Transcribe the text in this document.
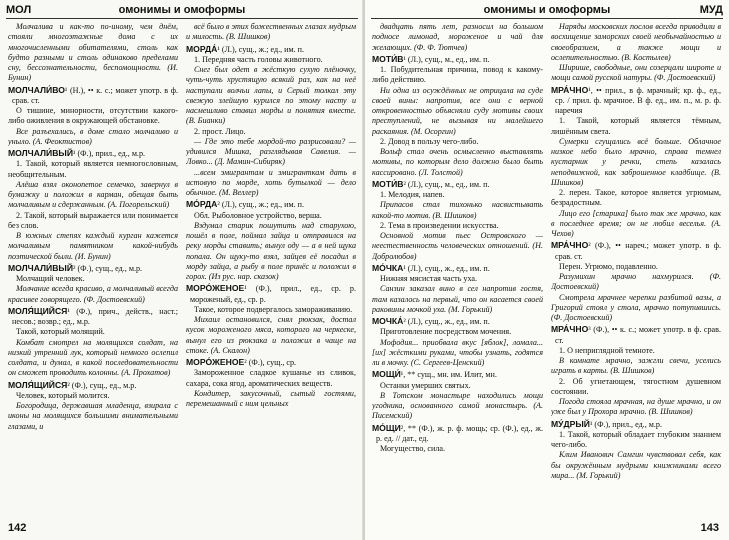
МОЛ	омонимы и омоформы

Молчалива и как-то по-иному, чем днём, стояли многоэтажные дома с их многочисленными обитателями, столь как будто разными и столь одинаково пределами сну, бессознательности, беспомощности. (И. Бунин)

МОЛЧАЛИ́ВО¹ (Н.), •• к. с.; может употр. в ф. срав. ст.

О тишине, минорности, отсутствии какого-либо оживления в окружающей обстановке.

Все разъехались, в доме стало молчаливо и уныло. (А. Феоктистов)

МОЛЧАЛИ́ВЫЙ¹ (Ф.), прил., ед., м.р.

1. Такой, который является немногословным, необщительным.

Алёша взял оконопетое семечко, завернул в бумажку и положил в карман, обещая быть молчаливым и сдержанным. (А. Погорельский)

2. Такой, который выражается или понимается без слов.

В южных степях каждый курган кажется молчаливым памятником какой-нибудь поэтической были. (И. Бунин)

МОЛЧАЛИ́ВЫЙ² (Ф.), сущ., ед., м.р.

Молчащий человек.

Молчание всегда красиво, а молчаливый всегда красивее говорящего. (Ф. Достоевский)

МОЛЯ́ЩИЙСЯ¹ (Ф.), прич., действ., наст.; несов.; возвр.; ед., м.р.

Такой, который молящий.

Комбат смотрел на молящихся солдат, на низкий утренний лук, который немного ослепил солдата, и думал, в какой последовательности он сможет проводить колонны. (А. Прохатов)

МОЛЯ́ЩИЙСЯ² (Ф.), сущ., ед., м.р.

Человек, который молится.

Богородица, державшая младенца, взирала с иконы на молящихся большими внимательными глазами, и

всё было в этих божественных глазах мудрым и милость. (В. Шишков)

МОРДА́¹ (Л.), сущ., ж.; ед., им. п.

1. Передняя часть головы животного.

Снег был одет в жёсткую сухую плёночку, чуть-чуть хрустящую всякий раз, как на неё наступали волчьи лапы, и Серый толкал эту свежую злейшую курился по этому насту и насмешливо ставил морды и понятия вместе. (В. Бианки)

2. прост. Лицо.

— Где это тебе мордой-то разрисовали? — удивился Мишка, разглядывая Савелия. — Ловко... (Д. Мамин-Сибиряк)

...всем эмигрантам и эмигранткам дать в истовую по морде, хоть бутылкой — дело обычное. (М. Веллер)

МО́РДА² (Л.), сущ., ж.; ед., им. п.

Обл. Рыболовное устройство, верша.

Вздумал старик пошутить над старухою, пошёл в поле, поймал зайца и отправился на реку морды ставить; вынул оду — а в ней щука попала. Он щуку-то взял, зайцев её посадил в морду зайца, а рыбу в поле принёс и положил в горох. (Из рус. нар. сказок)

МОРО́ЖЕНОЕ¹ (Ф.), прил., ед., ср. р. мороженый, ед., ср. р.

Такое, которое подвергалось замораживанию.

Михаил остановился, снял рюкзак, достал кусок мороженого мяса, которого на черкеске, вынул его из рюкзака и положил в чаще на стоке. (А. Скалон)

МОРО́ЖЕНОЕ² (Ф.), сущ., ср.

Замороженное сладкое кушанье из сливок, сахара, сока ягод, ароматических веществ.

Кондитер, закусочный, сытый гостями, перемешанный с ним цельных

142
омонимы и омоформы	МУД

двадцать пять лет, разносил на большом подносе лимонад, мороженое и чай для желающих. (Ф. Ф. Тютчев)

МОТИ́В¹ (Л.), сущ., м., ед., им. п.

1. Побудительная причина, повод к какому-либо действию.

Ни одна из осуждённых не отрицала на суде своей вины: напротив, все они с верной откровенностью объясняли суду мотивы своих преступлений, не вызывая ни малейшего раскаяния. (М. Осоргин)

2. Довод в пользу чего-либо.

Вольф стал очень осмысленно выставлять мотивы, по которым дело должно было быть кассировано. (Л. Толстой)

МОТИ́В² (Л.), сущ., м., ед., им. п.

1. Мелодия, напев.

Припасов стал тихонько насвистывать какой-то мотив. (В. Шишков)

2. Тема в произведении искусства.

Основной мотив пьес Островского — неестественность человеческих отношений. (Н. Добролюбов)

МО́ЧКА¹ (Л.), сущ., ж., ед., им. п.

Нижняя мясистая часть уха.

Санзин заказал вино в сел напротив гостя, там казалось на первый, что он касается своей раковины мочкой уха. (М. Горький)

МОЧКА́² (Л.), сущ., ж., ед., им. п.

Приготовление посредством мочения.

Мофодия... приобвала вкус [яблок], ломала... [их] жёсткими руками, чтобы узнать, годятся ли в мочку. (С. Сергеев-Ценский)

МОЩИ́¹, ** сущ., мн. им. Илит, мн.

Останки умерших святых.

В Тотском монастыре находились мощи угодника, основанного самой монастырь. (А. Писемский)

МО́ЩИ², ** (Ф.), ж. р. ф. мощь; ср. (Ф.), ед., ж. р. ед. // дат., ед.

Могущество, сила.

Наряды московских послов всегда приводили в восхищение заморских своей необычайностью и своеобразием, а также мощи и ослепительностью. (В. Костылев)

Ширише, свободные, они созерцали широте и мощи самой русской натуры. (Ф. Достоевский)

МРА́ЧНО¹, •• прил., в ф. мрачный; кр. ф., ед., ср. / прил. ф. мрачное. В ф. ед., им. п., м. р. ф. наречия

1. Такой, который является тёмным, лишённым света.

Сумерки сгущались всё больше. Облачное низкое небо было мрачно, справа темнел кустарник у речки, степь казалась неподвижной, как заброшенное кладбище. (В. Шишков)

2. перен. Такое, которое является угрюмым, безрадостным.

Лицо его [старика] было так же мрачно, как в последнее время; он не любил веселья. (А. Чехов)

МРА́ЧНО² (Ф.), •• нареч.; может употр. в ф. срав. ст.

Перен. Угрюмо, подавленно.

Разумихин мрачно нахмурился. (Ф. Достоевский)

Смотрела мрачнее черепки разбитой вазы, а Григорий стоял у стола, мрачно потупившись. (Ф. Достоевский)

МРА́ЧНО³ (Ф.), •• к. с.; может употр. в ф. срав. ст.

1. О неприглядной темноте.

В комнате мрачно, зажгли свечи, уселись играть в карты. (В. Шишков)

2. Об угнетающем, тягостном душевном состоянии.

Погода стояла мрачная, на душе мрачно, и он уже был у Прохора мрачно. (В. Шишков)

МУ́ДРЫЙ¹ (Ф.), прил., ед., м.р.

1. Такой, который обладает глубоким знанием чего-либо.

Клим Иванович Самгин чувствовал себя, как бы окружённым мудрыми книжниками всего мира... (М. Горький)

143
